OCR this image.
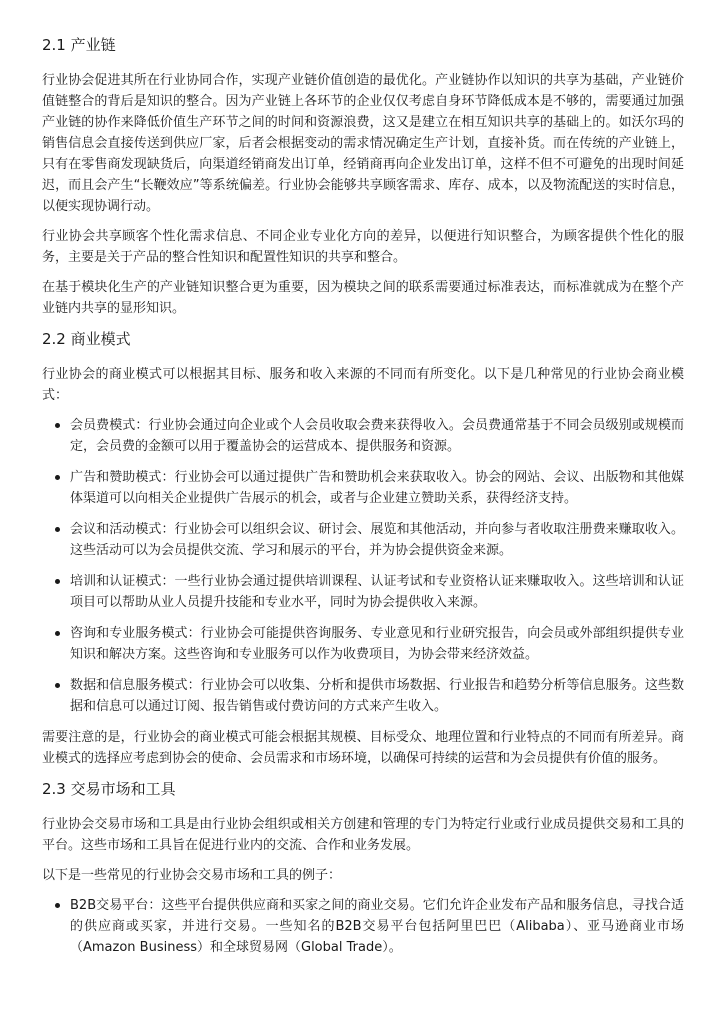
2.1 产业链

行业协会促进其所在行业协同合作，实现产业链价值创造的最优化。产业链协作以知识的共享为基础，产业链价值链整合的背后是知识的整合。因为产业链上各环节的企业仅仅考虑自身环节降低成本是不够的，需要通过加强产业链的协作来降低价值生产环节之间的时间和资源浪费，这又是建立在相互知识共享的基础上的。如沃尔玛的销售信息会直接传送到供应厂家，后者会根据变动的需求情况确定生产计划，直接补货。而在传统的产业链上，只有在零售商发现缺货后，向渠道经销商发出订单，经销商再向企业发出订单，这样不但不可避免的出现时间延迟，而且会产生“长鞭效应”等系统偏差。行业协会能够共享顾客需求、库存、成本，以及物流配送的实时信息，以便实现协调行动。

行业协会共享顾客个性化需求信息、不同企业专业化方向的差异，以便进行知识整合，为顾客提供个性化的服务，主要是关于产品的整合性知识和配置性知识的共享和整合。

在基于模块化生产的产业链知识整合更为重要，因为模块之间的联系需要通过标准表达，而标准就成为在整个产业链内共享的显形知识。

2.2 商业模式

行业协会的商业模式可以根据其目标、服务和收入来源的不同而有所变化。以下是几种常见的行业协会商业模式：

会员费模式：行业协会通过向企业或个人会员收取会费来获得收入。会员费通常基于不同会员级别或规模而定，会员费的金额可以用于覆盖协会的运营成本、提供服务和资源。
广告和赞助模式：行业协会可以通过提供广告和赞助机会来获取收入。协会的网站、会议、出版物和其他媒体渠道可以向相关企业提供广告展示的机会，或者与企业建立赞助关系，获得经济支持。
会议和活动模式：行业协会可以组织会议、研讨会、展览和其他活动，并向参与者收取注册费来赚取收入。这些活动可以为会员提供交流、学习和展示的平台，并为协会提供资金来源。
培训和认证模式：一些行业协会通过提供培训课程、认证考试和专业资格认证来赚取收入。这些培训和认证项目可以帮助从业人员提升技能和专业水平，同时为协会提供收入来源。
咨询和专业服务模式：行业协会可能提供咨询服务、专业意见和行业研究报告，向会员或外部组织提供专业知识和解决方案。这些咨询和专业服务可以作为收费项目，为协会带来经济效益。
数据和信息服务模式：行业协会可以收集、分析和提供市场数据、行业报告和趋势分析等信息服务。这些数据和信息可以通过订阅、报告销售或付费访问的方式来产生收入。

需要注意的是，行业协会的商业模式可能会根据其规模、目标受众、地理位置和行业特点的不同而有所差异。商业模式的选择应考虑到协会的使命、会员需求和市场环境，以确保可持续的运营和为会员提供有价值的服务。

2.3 交易市场和工具

行业协会交易市场和工具是由行业协会组织或相关方创建和管理的专门为特定行业或行业成员提供交易和工具的平台。这些市场和工具旨在促进行业内的交流、合作和业务发展。

以下是一些常见的行业协会交易市场和工具的例子：

B2B交易平台：这些平台提供供应商和买家之间的商业交易。它们允许企业发布产品和服务信息，寻找合适的供应商或买家，并进行交易。一些知名的B2B交易平台包括阿里巴巴（Alibaba）、亚马逊商业市场（Amazon Business）和全球贸易网（Global Trade）。
